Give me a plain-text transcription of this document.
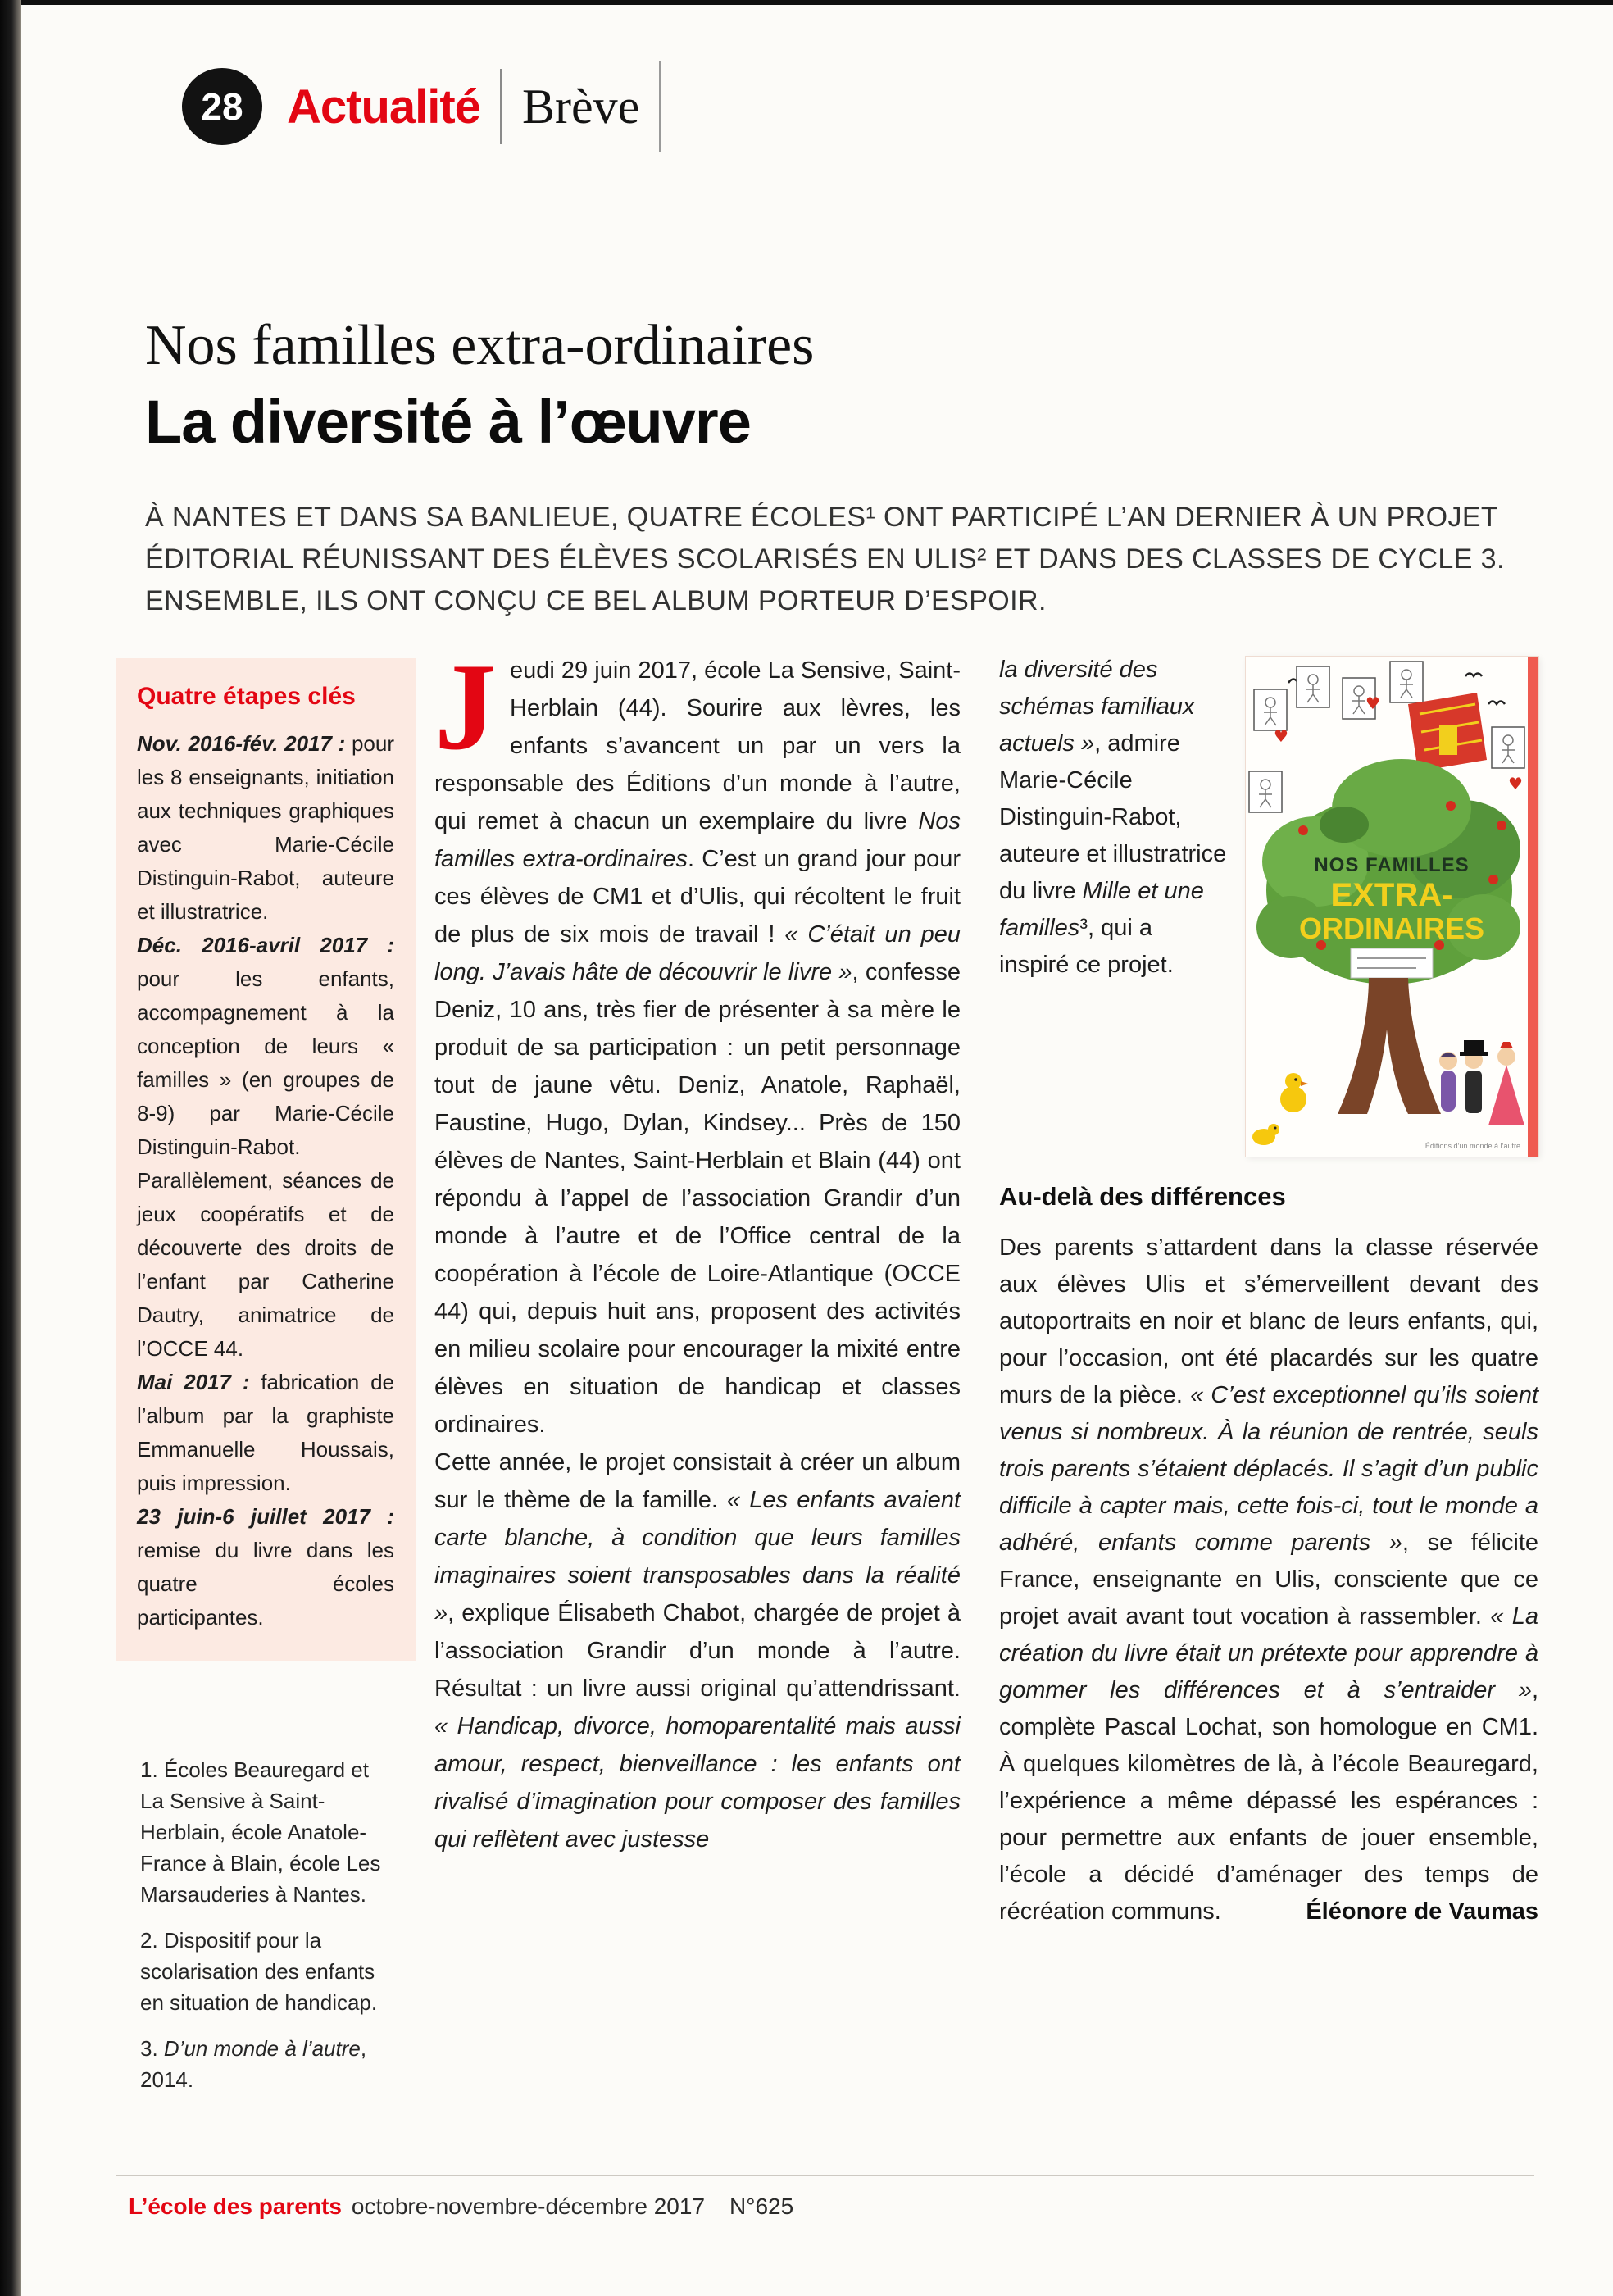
28 Actualité Brève
Nos familles extra-ordinaires
La diversité à l’œuvre

À NANTES ET DANS SA BANLIEUE, QUATRE ÉCOLES¹ ONT PARTICIPÉ L’AN DERNIER À UN PROJET ÉDITORIAL RÉUNISSANT DES ÉLÈVES SCOLARISÉS EN ULIS² ET DANS DES CLASSES DE CYCLE 3. ENSEMBLE, ILS ONT CONÇU CE BEL ALBUM PORTEUR D’ESPOIR.

Quatre étapes clés

Nov. 2016-fév. 2017 : pour les 8 enseignants, initiation aux techniques graphiques avec Marie-Cécile Distinguin-Rabot, auteure et illustratrice.

Déc. 2016-avril 2017 : pour les enfants, accompagnement à la conception de leurs « familles » (en groupes de 8-9) par Marie-Cécile Distinguin-Rabot. Parallèlement, séances de jeux coopératifs et de découverte des droits de l’enfant par Catherine Dautry, animatrice de l’OCCE 44.

Mai 2017 : fabrication de l’album par la graphiste Emmanuelle Houssais, puis impression.

23 juin-6 juillet 2017 : remise du livre dans les quatre écoles participantes.

1. Écoles Beauregard et La Sensive à Saint-Herblain, école Anatole-France à Blain, école Les Marsauderies à Nantes.

2. Dispositif pour la scolarisation des enfants en situation de handicap.

3. D’un monde à l’autre, 2014.

Jeudi 29 juin 2017, école La Sensive, Saint-Herblain (44). Sourire aux lèvres, les enfants s’avancent un par un vers la responsable des Éditions d’un monde à l’autre, qui remet à chacun un exemplaire du livre Nos familles extra-ordinaires. C’est un grand jour pour ces élèves de CM1 et d’Ulis, qui récoltent le fruit de plus de six mois de travail ! « C’était un peu long. J’avais hâte de découvrir le livre », confesse Deniz, 10 ans, très fier de présenter à sa mère le produit de sa participation : un petit personnage tout de jaune vêtu. Deniz, Anatole, Raphaël, Faustine, Hugo, Dylan, Kindsey... Près de 150 élèves de Nantes, Saint-Herblain et Blain (44) ont répondu à l’appel de l’association Grandir d’un monde à l’autre et de l’Office central de la coopération à l’école de Loire-Atlantique (OCCE 44) qui, depuis huit ans, proposent des activités en milieu scolaire pour encourager la mixité entre élèves en situation de handicap et classes ordinaires.

Cette année, le projet consistait à créer un album sur le thème de la famille. « Les enfants avaient carte blanche, à condition que leurs familles imaginaires soient transposables dans la réalité », explique Élisabeth Chabot, chargée de projet à l’association Grandir d’un monde à l’autre. Résultat : un livre aussi original qu’attendrissant. « Handicap, divorce, homoparentalité mais aussi amour, respect, bienveillance : les enfants ont rivalisé d’imagination pour composer des familles qui reflètent avec justesse

♥
♥
♥
NOS FAMILLES
EXTRA-
ORDINAIRES
Éditions d’un monde à l’autre

la diversité des schémas familiaux actuels », admire Marie-Cécile Distinguin-Rabot, auteure et illustratrice du livre Mille et une familles³, qui a inspiré ce projet.

Au-delà des différences

Des parents s’attardent dans la classe réservée aux élèves Ulis et s’émerveillent devant des autoportraits en noir et blanc de leurs enfants, qui, pour l’occasion, ont été placardés sur les quatre murs de la pièce. « C’est exceptionnel qu’ils soient venus si nombreux. À la réunion de rentrée, seuls trois parents s’étaient déplacés. Il s’agit d’un public difficile à capter mais, cette fois-ci, tout le monde a adhéré, enfants comme parents », se félicite France, enseignante en Ulis, consciente que ce projet avait avant tout vocation à rassembler. « La création du livre était un prétexte pour apprendre à gommer les différences et à s’entraider », complète Pascal Lochat, son homologue en CM1. À quelques kilomètres de là, à l’école Beauregard, l’expérience a même dépassé les espérances : pour permettre aux enfants de jouer ensemble, l’école a décidé d’aménager des temps de récréation communs.	Éléonore de Vaumas
L’école des parents octobre-novembre-décembre 2017 N°625
